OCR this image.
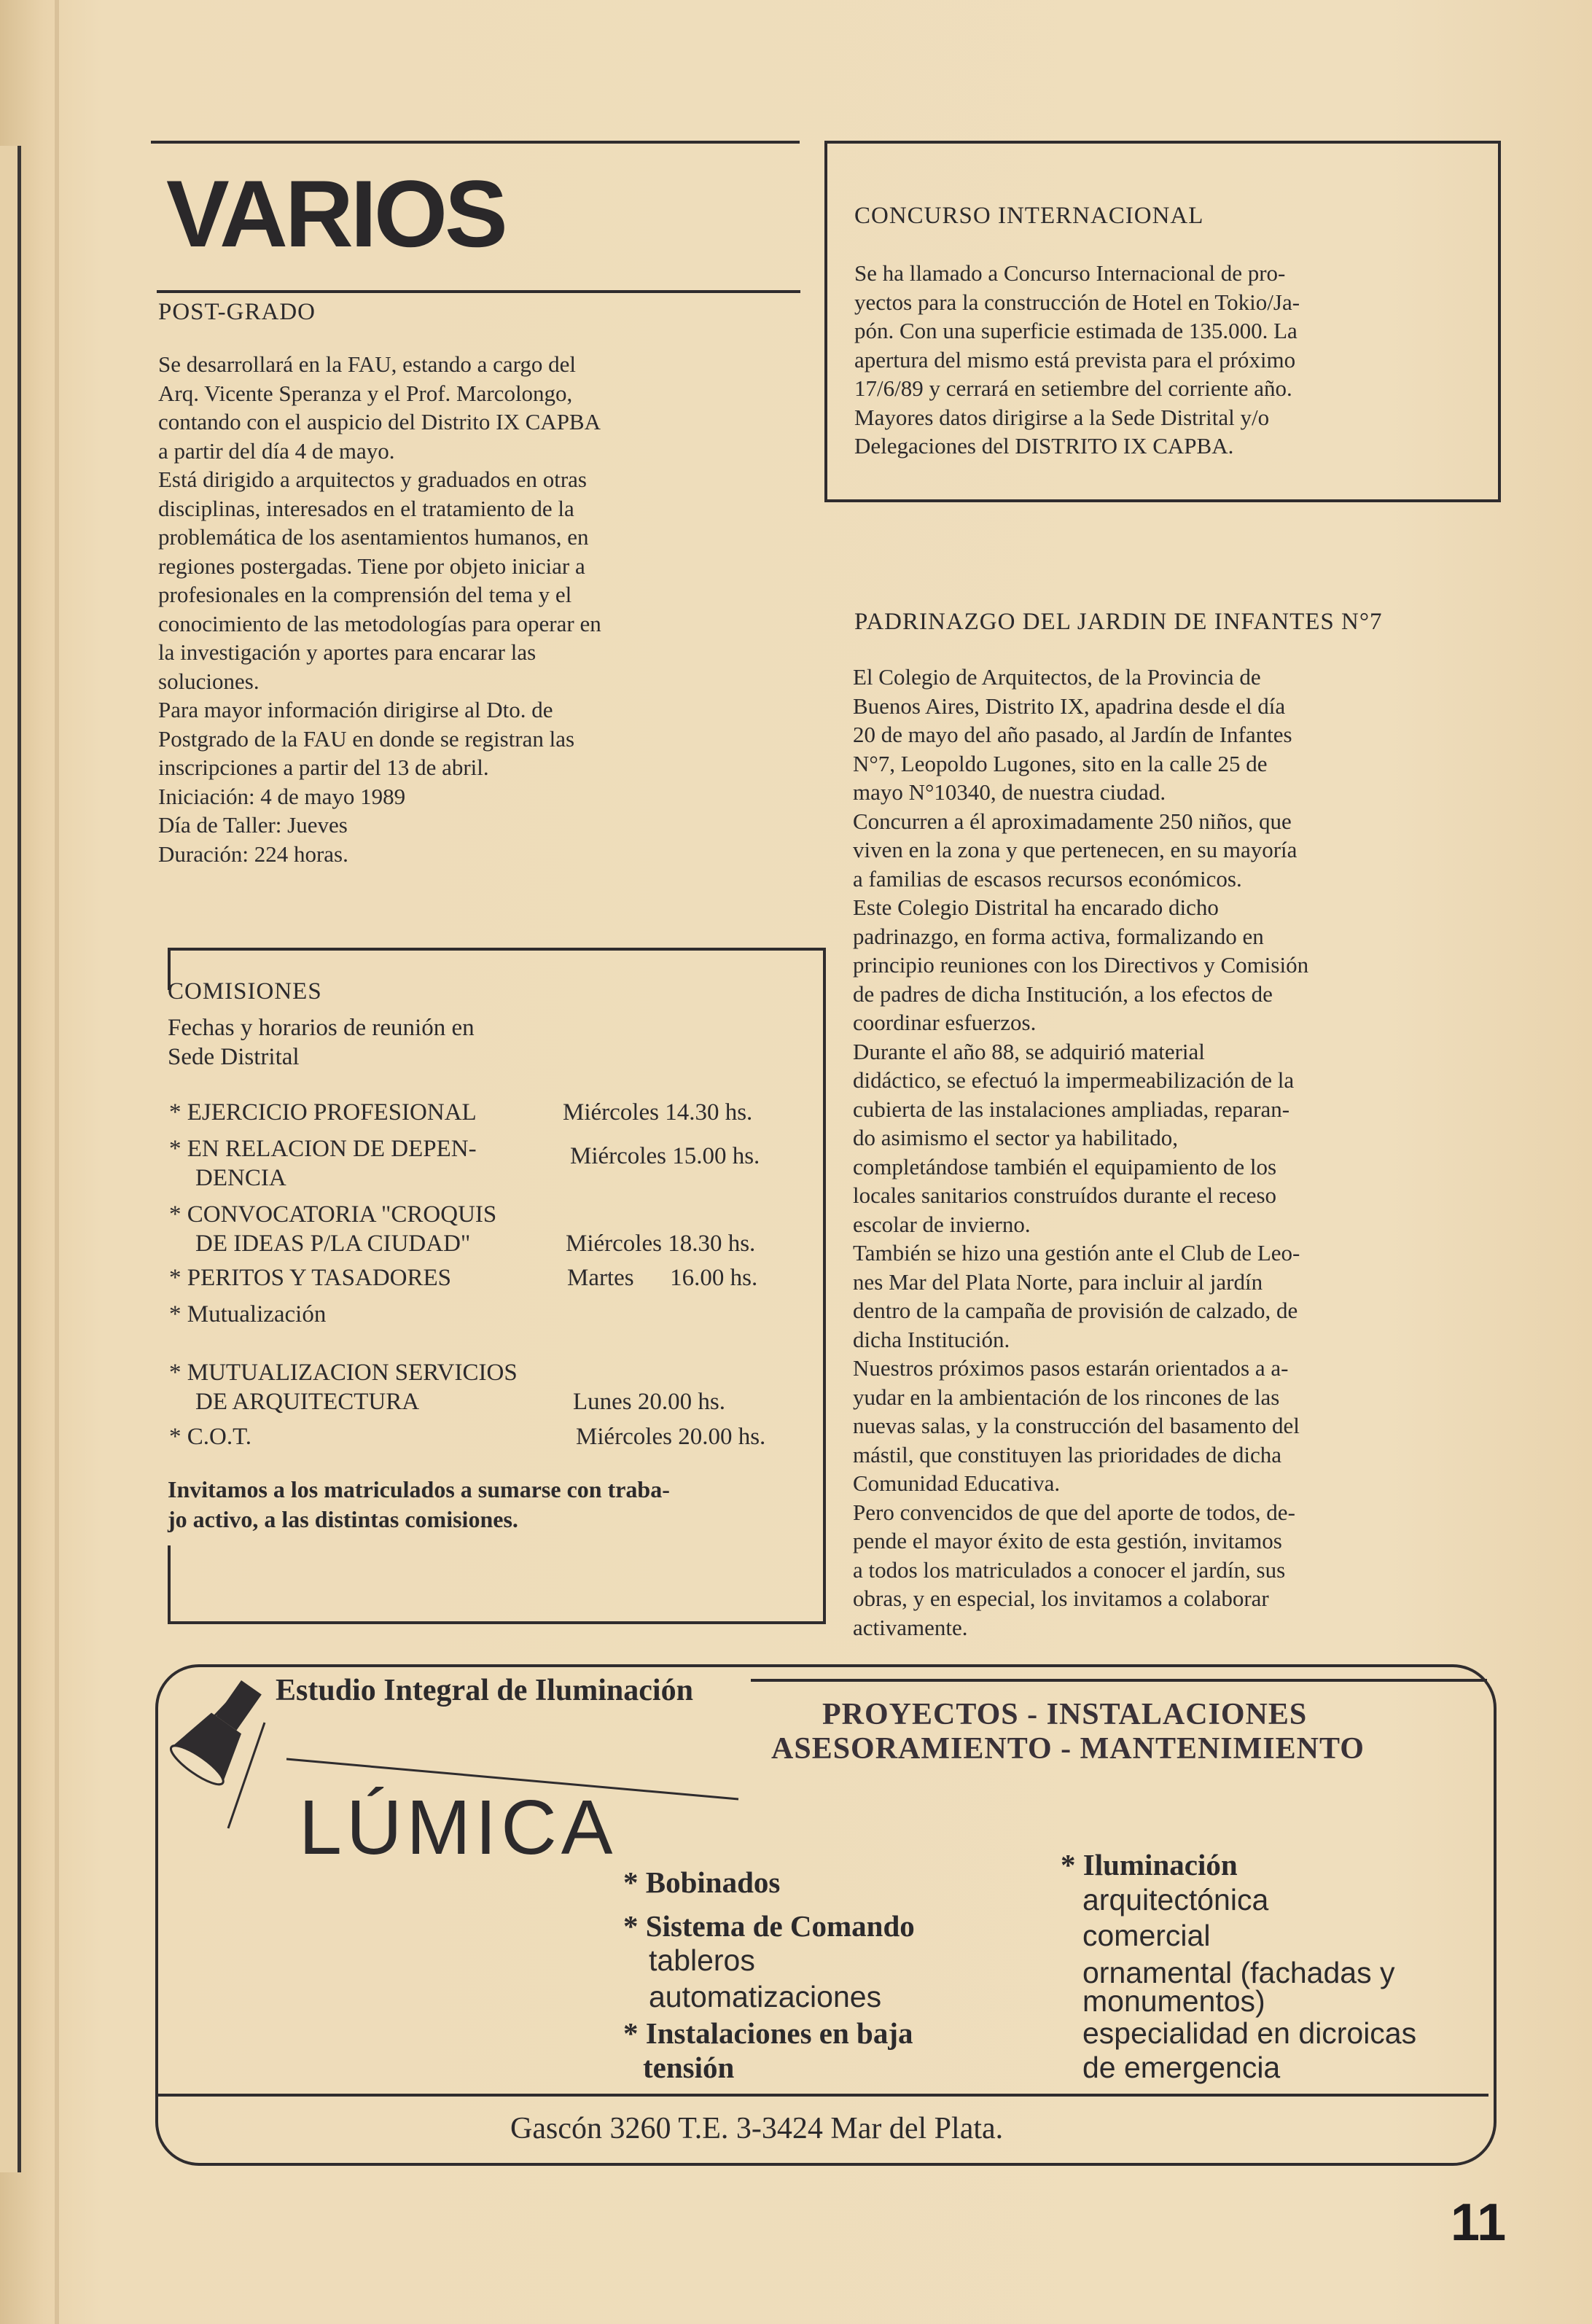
VARIOS
POST-GRADO

Se desarrollará en la FAU, estando a cargo del

Arq. Vicente Speranza y el Prof. Marcolongo,

contando con el auspicio del Distrito IX CAPBA

a partir del día 4 de mayo.

Está dirigido a arquitectos y graduados en otras

disciplinas, interesados en el tratamiento de la

problemática de los asentamientos humanos, en

regiones postergadas. Tiene por objeto iniciar a

profesionales en la comprensión del tema y el

conocimiento de las metodologías para operar en

la investigación y aportes para encarar las

soluciones.

Para mayor información dirigirse al Dto. de

Postgrado de la FAU en donde se registran las

inscripciones a partir del 13 de abril.

Iniciación: 4 de mayo 1989

Día de Taller: Jueves

Duración: 224 horas.

CONCURSO INTERNACIONAL

Se ha llamado a Concurso Internacional de pro-

yectos para la construcción de Hotel en Tokio/Ja-

pón. Con una superficie estimada de 135.000. La

apertura del mismo está prevista para el próximo

17/6/89 y cerrará en setiembre del corriente año.

Mayores datos dirigirse a la Sede Distrital y/o

Delegaciones del DISTRITO IX CAPBA.

PADRINAZGO DEL JARDIN DE INFANTES N°7

El Colegio de Arquitectos, de la Provincia de

Buenos Aires, Distrito IX, apadrina desde el día

20 de mayo del año pasado, al Jardín de Infantes

N°7, Leopoldo Lugones, sito en la calle 25 de

mayo N°10340, de nuestra ciudad.

Concurren a él aproximadamente 250 niños, que

viven en la zona y que pertenecen, en su mayoría

a familias de escasos recursos económicos.

Este Colegio Distrital ha encarado dicho

padrinazgo, en forma activa, formalizando en

principio reuniones con los Directivos y Comisión

de padres de dicha Institución, a los efectos de

coordinar esfuerzos.

Durante el año 88, se adquirió material

didáctico, se efectuó la impermeabilización de la

cubierta de las instalaciones ampliadas, reparan-

do asimismo el sector ya habilitado,

completándose también el equipamiento de los

locales sanitarios construídos durante el receso

escolar de invierno.

También se hizo una gestión ante el Club de Leo-

nes Mar del Plata Norte, para incluir al jardín

dentro de la campaña de provisión de calzado, de

dicha Institución.

Nuestros próximos pasos estarán orientados a a-

yudar en la ambientación de los rincones de las

nuevas salas, y la construcción del basamento del

mástil, que constituyen las prioridades de dicha

Comunidad Educativa.

Pero convencidos de que del aporte de todos, de-

pende el mayor éxito de esta gestión, invitamos

a todos los matriculados a conocer el jardín, sus

obras, y en especial, los invitamos a colaborar

activamente.

COMISIONES
Fechas y horarios de reunión en
Sede Distrital
* EJERCICIO PROFESIONAL	Miércoles 14.30 hs.
* EN RELACION DE DEPEN-
DENCIA
Miércoles 15.00 hs.
* CONVOCATORIA "CROQUIS
DE IDEAS P/LA CIUDAD"	Miércoles 18.30 hs.
* PERITOS Y TASADORES	Martes      16.00 hs.
* Mutualización
* MUTUALIZACION SERVICIOS
DE ARQUITECTURA	Lunes 20.00 hs.
* C.O.T.	Miércoles 20.00 hs.
Invitamos a los matriculados a sumarse con traba-
jo activo, a las distintas comisiones.
Estudio Integral de Iluminación
PROYECTOS - INSTALACIONES
ASESORAMIENTO - MANTENIMIENTO
LÚMICA
* Bobinados
* Sistema de Comando
tableros
automatizaciones
* Instalaciones en baja
tensión
* Iluminación
arquitectónica
comercial
ornamental (fachadas y
monumentos)
especialidad en dicroicas
de emergencia
Gascón 3260 T.E. 3-3424 Mar del Plata.
11
